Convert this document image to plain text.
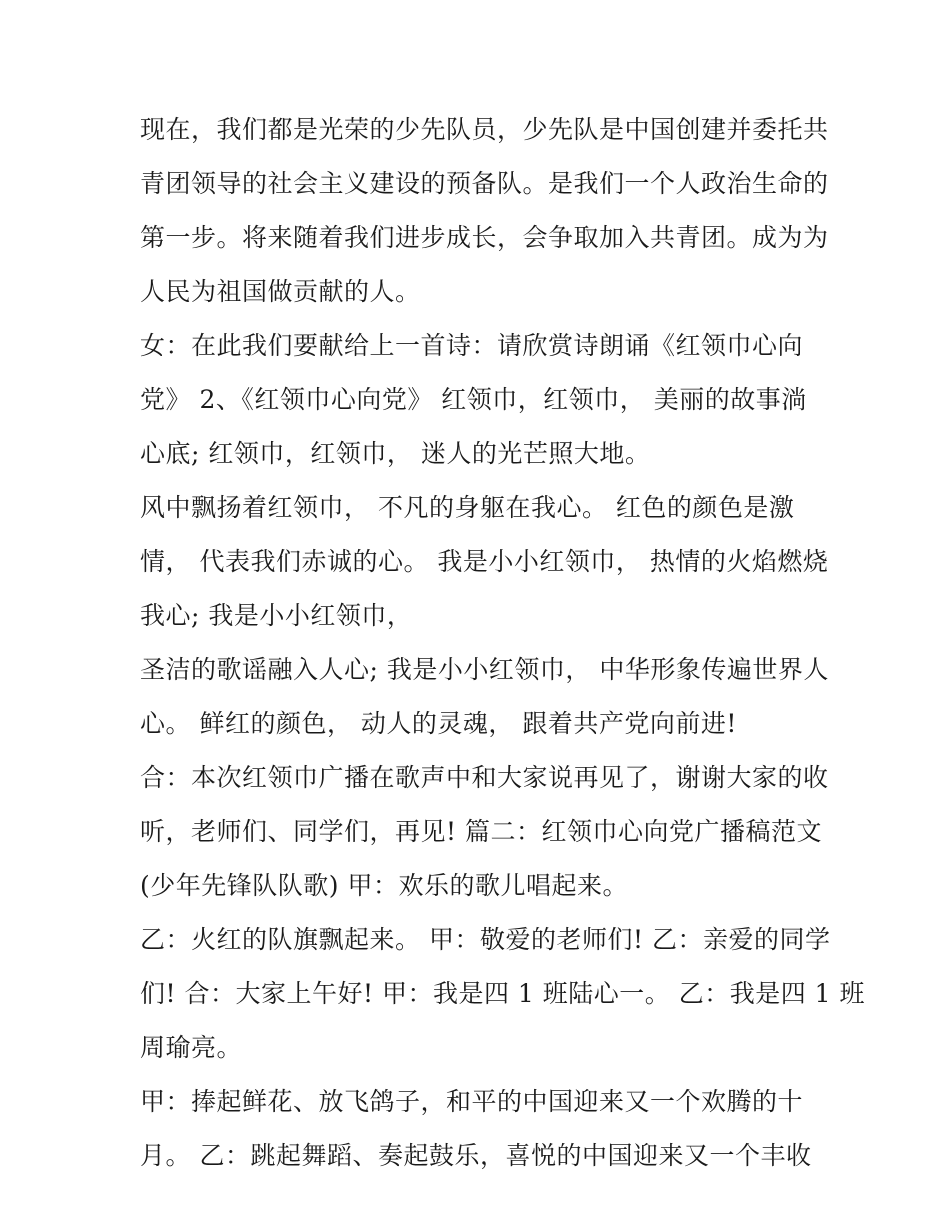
现在，我们都是光荣的少先队员，少先队是中国创建并委托共
青团领导的社会主义建设的预备队。是我们一个人政治生命的
第一步。将来随着我们进步成长，会争取加入共青团。成为为
人民为祖国做贡献的人。
女：在此我们要献给上一首诗：请欣赏诗朗诵《红领巾心向
党》 2、《红领巾心向党》 红领巾，红领巾， 美丽的故事淌
心底; 红领巾，红领巾， 迷人的光芒照大地。
风中飘扬着红领巾， 不凡的身躯在我心。 红色的颜色是激
情， 代表我们赤诚的心。 我是小小红领巾， 热情的火焰燃烧
我心; 我是小小红领巾，
圣洁的歌谣融入人心; 我是小小红领巾， 中华形象传遍世界人
心。 鲜红的颜色， 动人的灵魂， 跟着共产党向前进!
合：本次红领巾广播在歌声中和大家说再见了，谢谢大家的收
听，老师们、同学们，再见! 篇二：红领巾心向党广播稿范文
(少年先锋队队歌) 甲：欢乐的歌儿唱起来。
乙：火红的队旗飘起来。 甲：敬爱的老师们! 乙：亲爱的同学
们! 合：大家上午好! 甲：我是四 1 班陆心一。 乙：我是四 1 班
周瑜亮。
甲：捧起鲜花、放飞鸽子，和平的中国迎来又一个欢腾的十
月。 乙：跳起舞蹈、奏起鼓乐，喜悦的中国迎来又一个丰收
